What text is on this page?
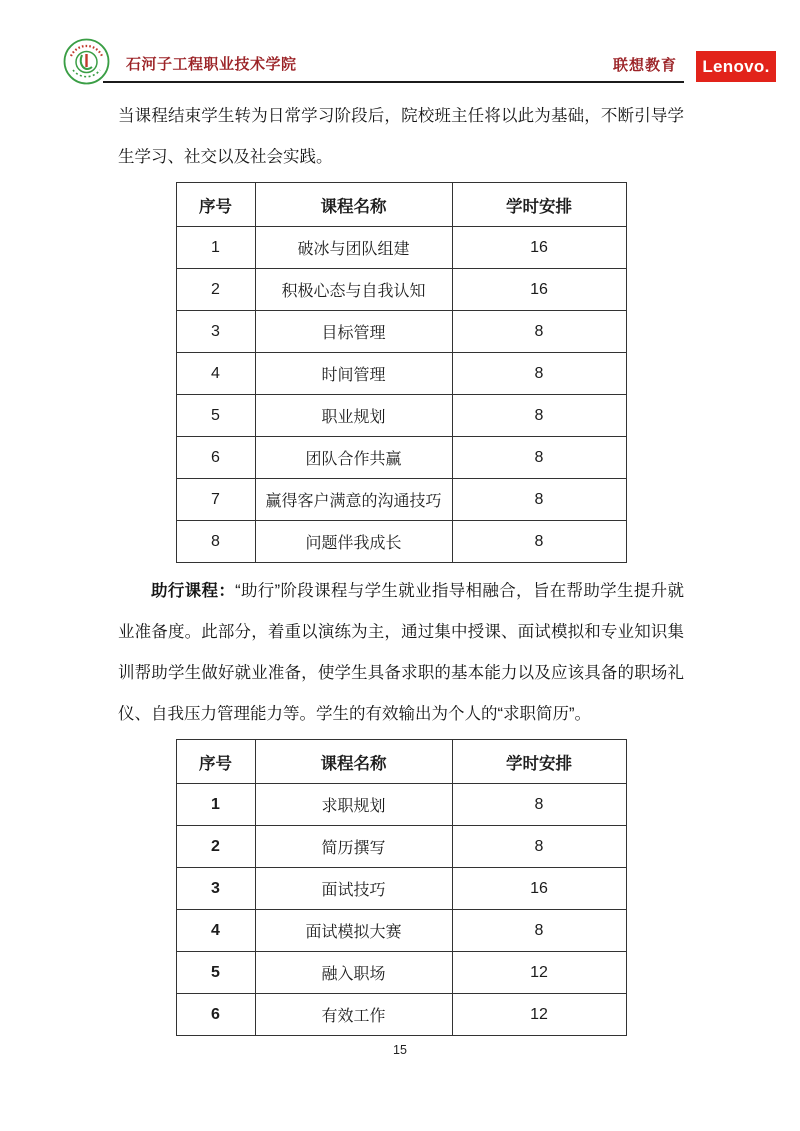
石河子工程职业技术学院	联想教育	Lenovo.

当课程结束学生转为日常学习阶段后，院校班主任将以此为基础，不断引导学生学习、社交以及社会实践。

序号	课程名称	学时安排
1	破冰与团队组建	16
2	积极心态与自我认知	16
3	目标管理	8
4	时间管理	8
5	职业规划	8
6	团队合作共赢	8
7	赢得客户满意的沟通技巧	8
8	问题伴我成长	8

助行课程：“助行”阶段课程与学生就业指导相融合，旨在帮助学生提升就业准备度。此部分，着重以演练为主，通过集中授课、面试模拟和专业知识集训帮助学生做好就业准备，使学生具备求职的基本能力以及应该具备的职场礼仪、自我压力管理能力等。学生的有效输出为个人的“求职简历”。

序号	课程名称	学时安排
1	求职规划	8
2	简历撰写	8
3	面试技巧	16
4	面试模拟大赛	8
5	融入职场	12
6	有效工作	12
15
